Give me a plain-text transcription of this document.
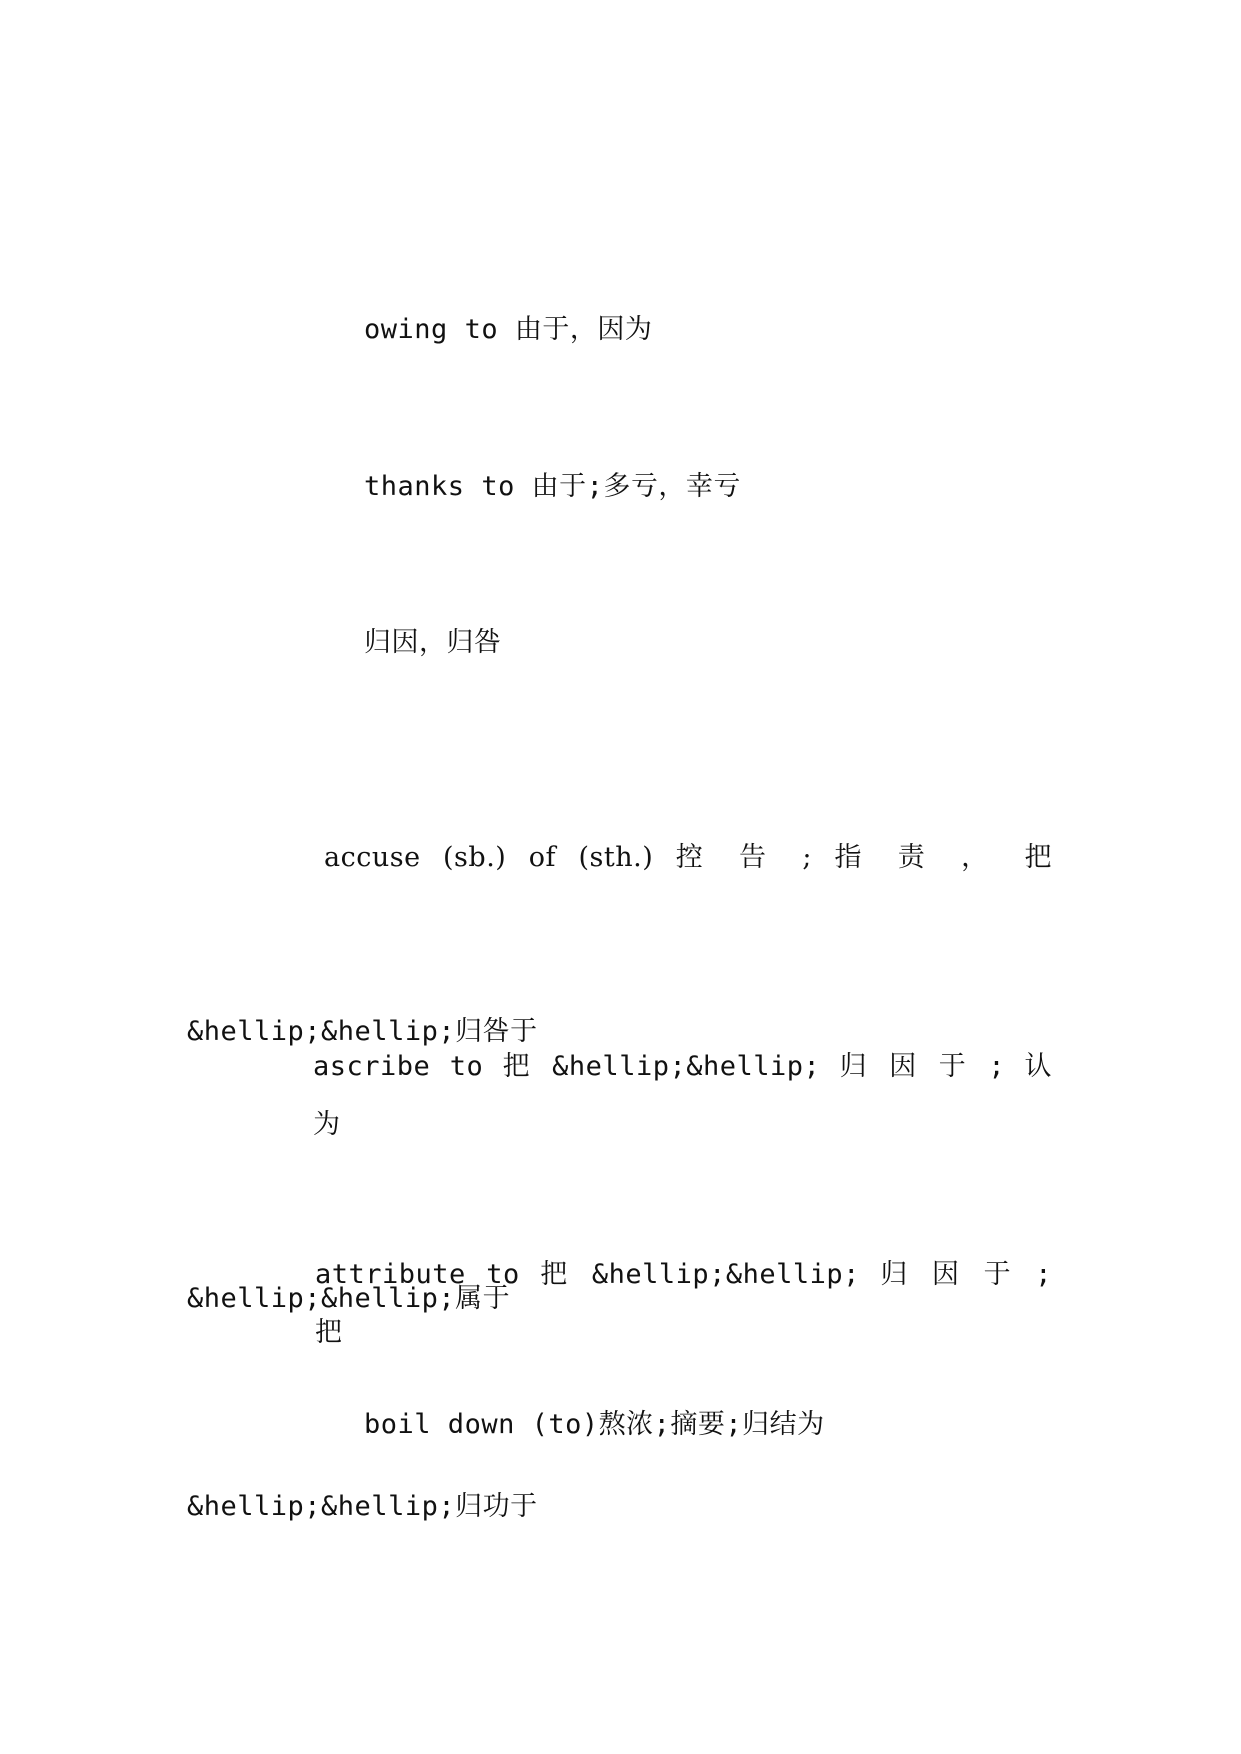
owing to 由于，因为

thanks to 由于;多亏，幸亏

归因，归咎

accuse (sb.) of (sth.) 控 告 ; 指 责 ， 把

&hellip;&hellip;归咎于

ascribe to 把 &hellip;&hellip; 归 因 于 ; 认 为

&hellip;&hellip;属于

attribute to 把 &hellip;&hellip; 归 因 于 ; 把

&hellip;&hellip;归功于

boil down (to)熬浓;摘要;归结为
